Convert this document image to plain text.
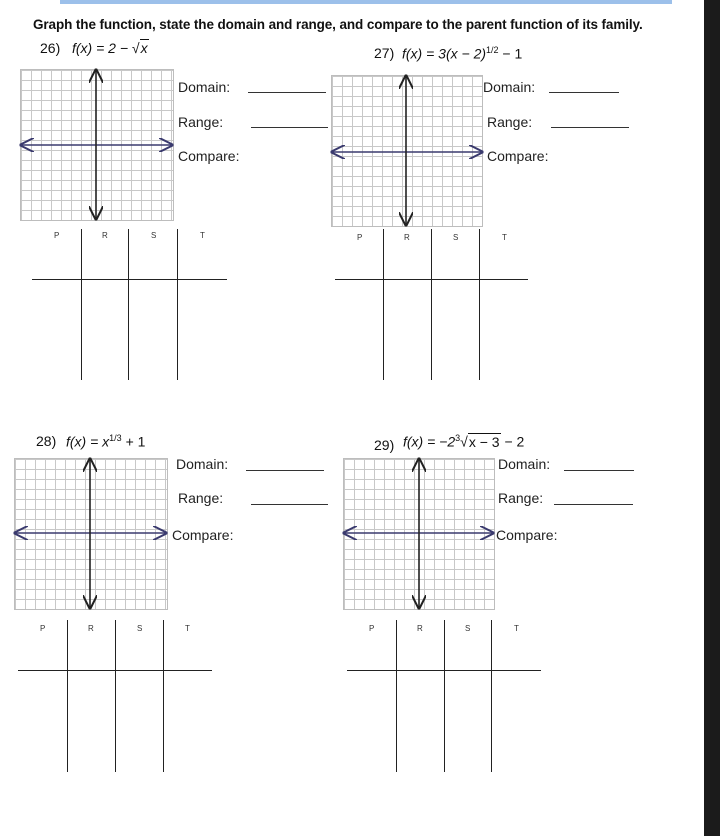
Graph the function, state the domain and range, and compare to the parent function of its family.
26) f(x) = 2 − √x	27) $f(x) = 3(x - 2)^{1/2} - 1$
28) $f(x) = x^{1/3} + 1$	29) $f(x) = -2^3√x - 3 - 2$
Domain:
Range:
Compare:
Domain:
Range:
Compare:
Domain:
Range:
Compare:
Domain:
Range:
Compare:
P	R	S	T	P	R	S	T
P	R	S	T	P	R	S	T
